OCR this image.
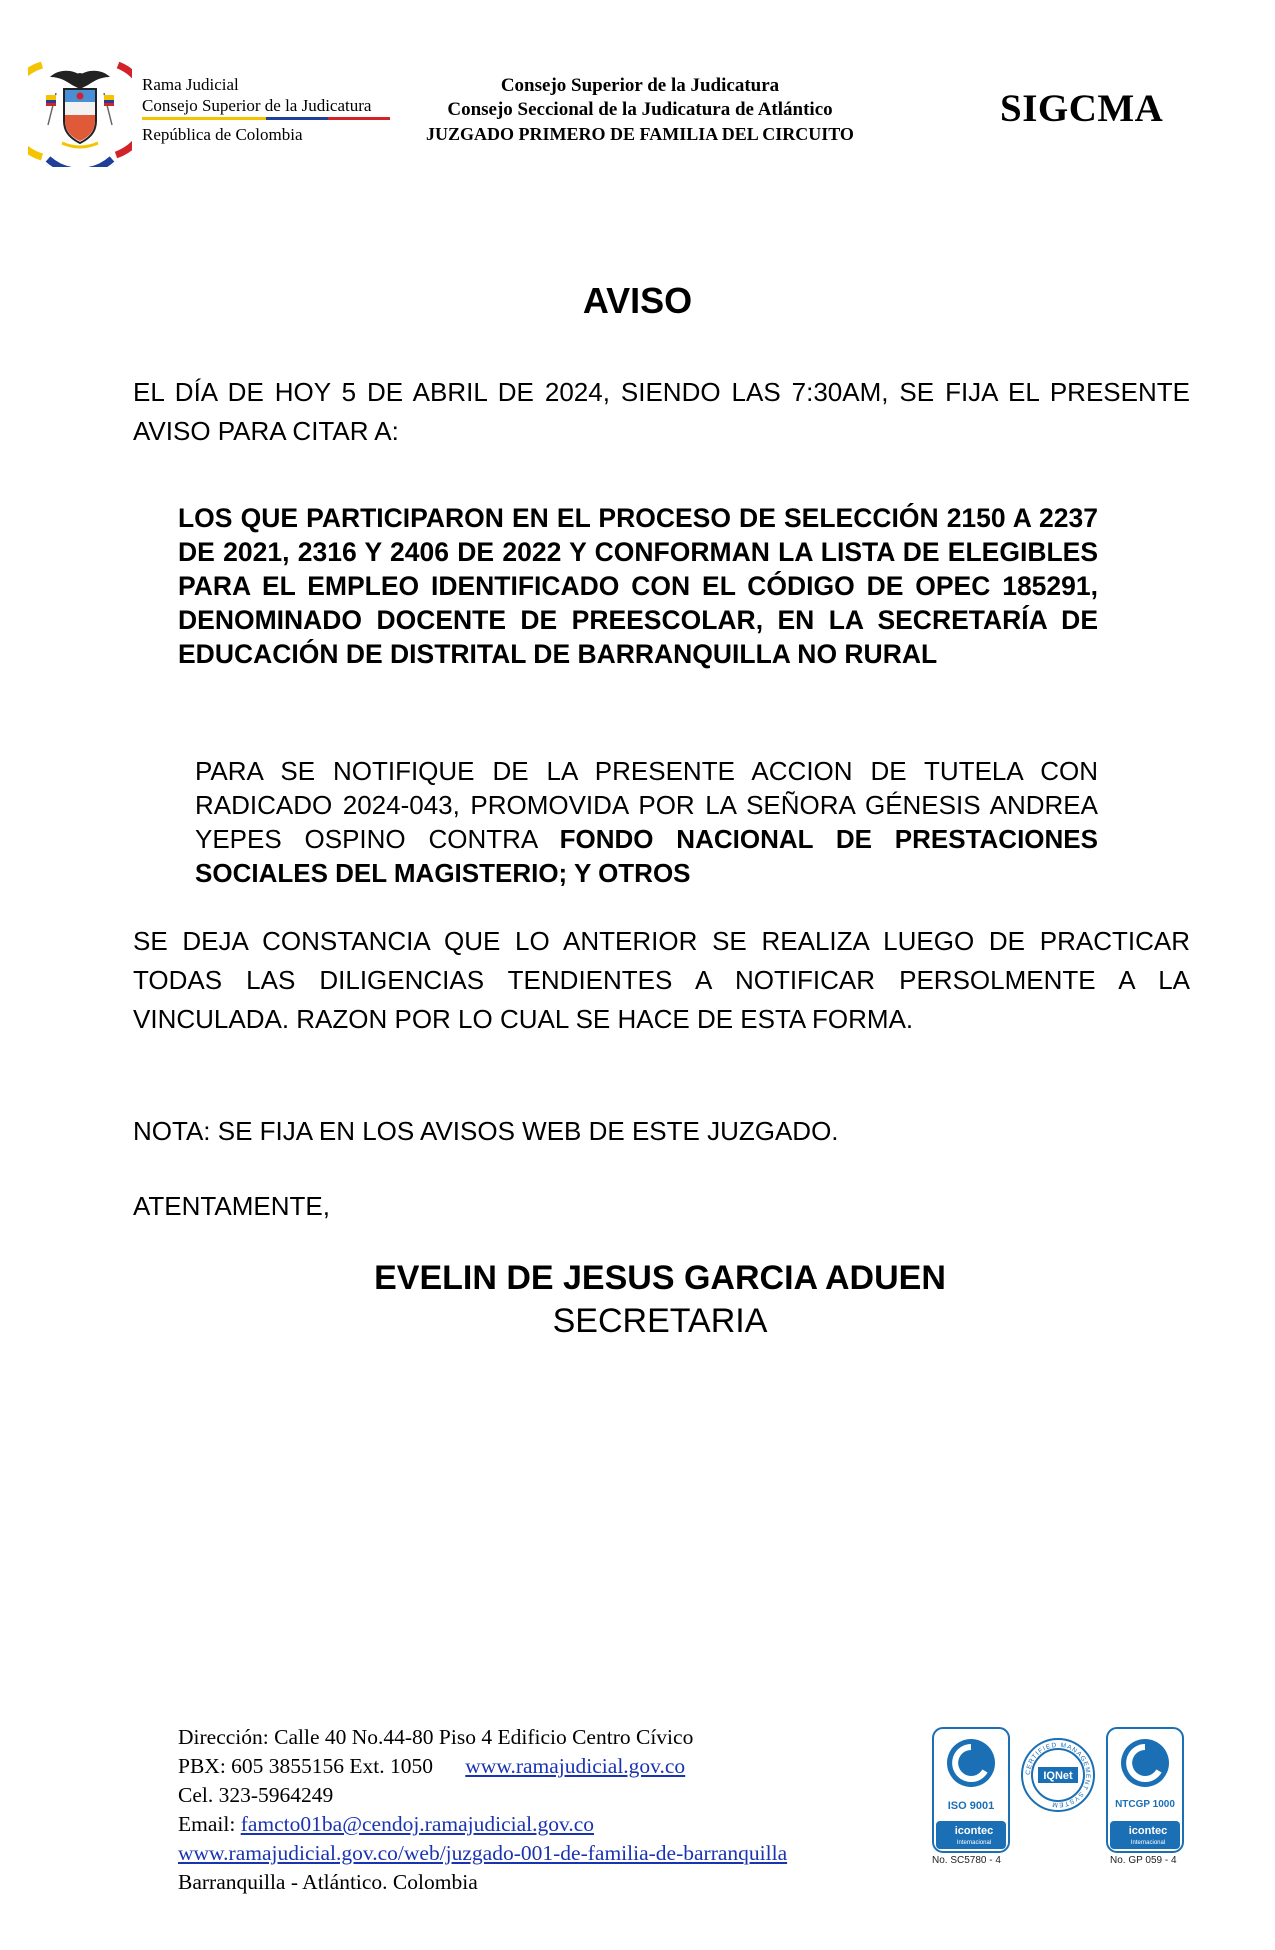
Rama Judicial
Consejo Superior de la Judicatura
República de Colombia
Consejo Superior de la Judicatura
Consejo Seccional de la Judicatura de Atlántico
JUZGADO PRIMERO DE FAMILIA DEL CIRCUITO
SIGCMA
AVISO
EL DÍA DE HOY 5 DE ABRIL DE 2024, SIENDO LAS 7:30AM, SE FIJA EL PRESENTE AVISO PARA CITAR A:
LOS QUE PARTICIPARON EN EL PROCESO DE SELECCIÓN 2150 A 2237 DE 2021, 2316 Y 2406 DE 2022 Y CONFORMAN LA LISTA DE ELEGIBLES PARA EL EMPLEO IDENTIFICADO CON EL CÓDIGO DE OPEC 185291, DENOMINADO DOCENTE DE PREESCOLAR, EN LA SECRETARÍA DE EDUCACIÓN DE DISTRITAL DE BARRANQUILLA NO RURAL
PARA SE NOTIFIQUE DE LA PRESENTE ACCION DE TUTELA CON RADICADO 2024-043, PROMOVIDA POR LA SEÑORA GÉNESIS ANDREA YEPES OSPINO CONTRA FONDO NACIONAL DE PRESTACIONES SOCIALES DEL MAGISTERIO; Y OTROS
SE DEJA CONSTANCIA QUE LO ANTERIOR SE REALIZA LUEGO DE PRACTICAR TODAS LAS DILIGENCIAS TENDIENTES A NOTIFICAR PERSOLMENTE A LA VINCULADA. RAZON POR LO CUAL SE HACE DE ESTA FORMA.
NOTA: SE FIJA EN LOS AVISOS WEB DE ESTE JUZGADO.
ATENTAMENTE,
EVELIN DE JESUS GARCIA ADUEN
SECRETARIA
Dirección: Calle 40 No.44-80 Piso 4 Edificio Centro Cívico
PBX: 605 3855156 Ext. 1050 www.ramajudicial.gov.co
Cel. 323-5964249
Email: famcto01ba@cendoj.ramajudicial.gov.co
www.ramajudicial.gov.co/web/juzgado-001-de-familia-de-barranquilla
Barranquilla - Atlántico. Colombia
ISO 9001
icontec
Internacional
No. SC5780 - 4
CERTIFIED MANAGEMENT SYSTEM
IQNet
NTCGP 1000
icontec
Internacional
No. GP 059 - 4
